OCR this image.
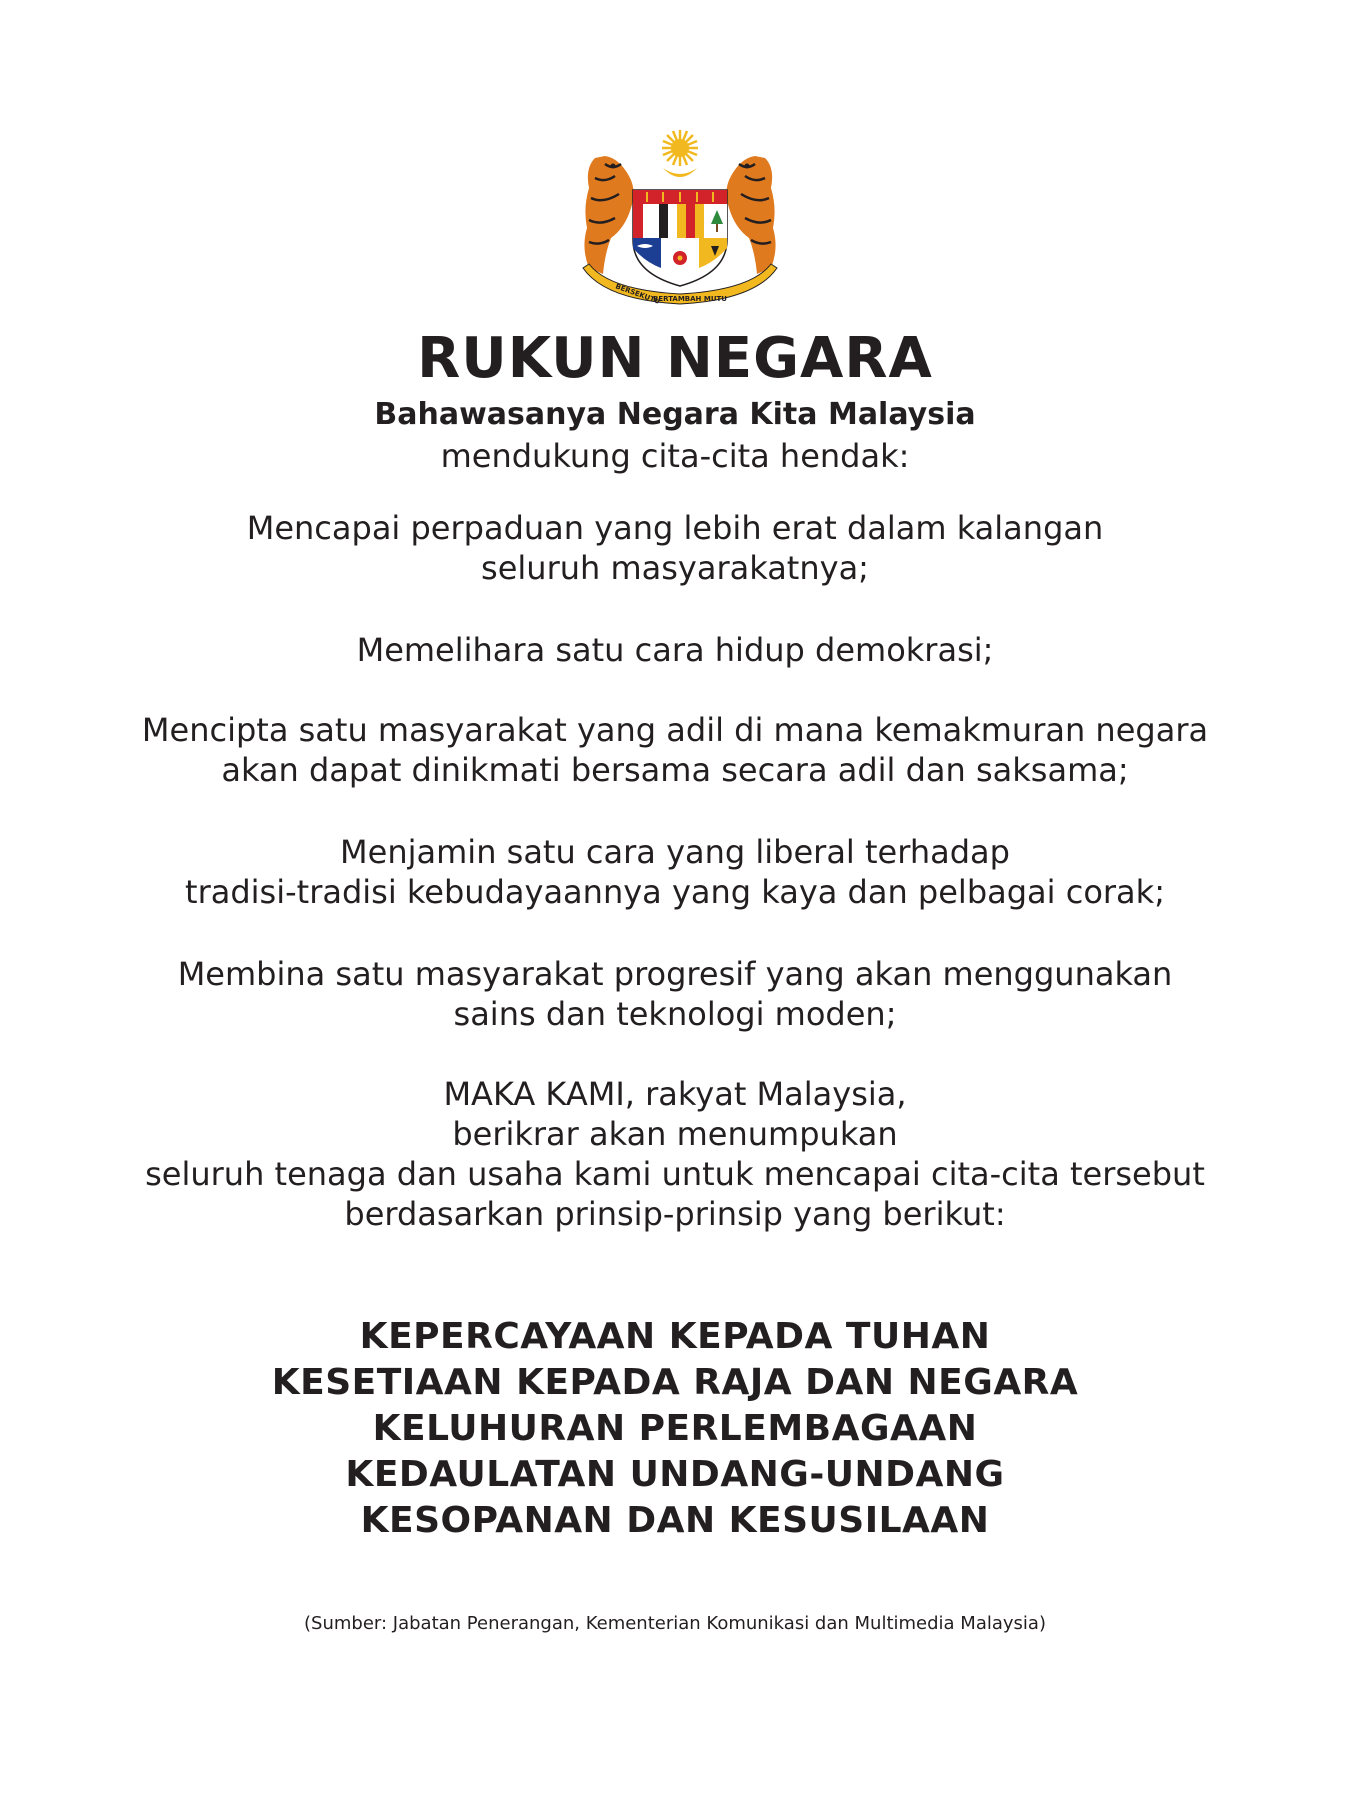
BERSEKUTU
BERTAMBAH MUTU
RUKUN NEGARA
Bahawasanya Negara Kita Malaysia
mendukung cita-cita hendak:
Mencapai perpaduan yang lebih erat dalam kalangan
seluruh masyarakatnya;
Memelihara satu cara hidup demokrasi;
Mencipta satu masyarakat yang adil di mana kemakmuran negara
akan dapat dinikmati bersama secara adil dan saksama;
Menjamin satu cara yang liberal terhadap
tradisi-tradisi kebudayaannya yang kaya dan pelbagai corak;
Membina satu masyarakat progresif yang akan menggunakan
sains dan teknologi moden;
MAKA KAMI, rakyat Malaysia,
berikrar akan menumpukan
seluruh tenaga dan usaha kami untuk mencapai cita-cita tersebut
berdasarkan prinsip-prinsip yang berikut:
KEPERCAYAAN KEPADA TUHAN
KESETIAAN KEPADA RAJA DAN NEGARA
KELUHURAN PERLEMBAGAAN
KEDAULATAN UNDANG-UNDANG
KESOPANAN DAN KESUSILAAN
(Sumber: Jabatan Penerangan, Kementerian Komunikasi dan Multimedia Malaysia)
